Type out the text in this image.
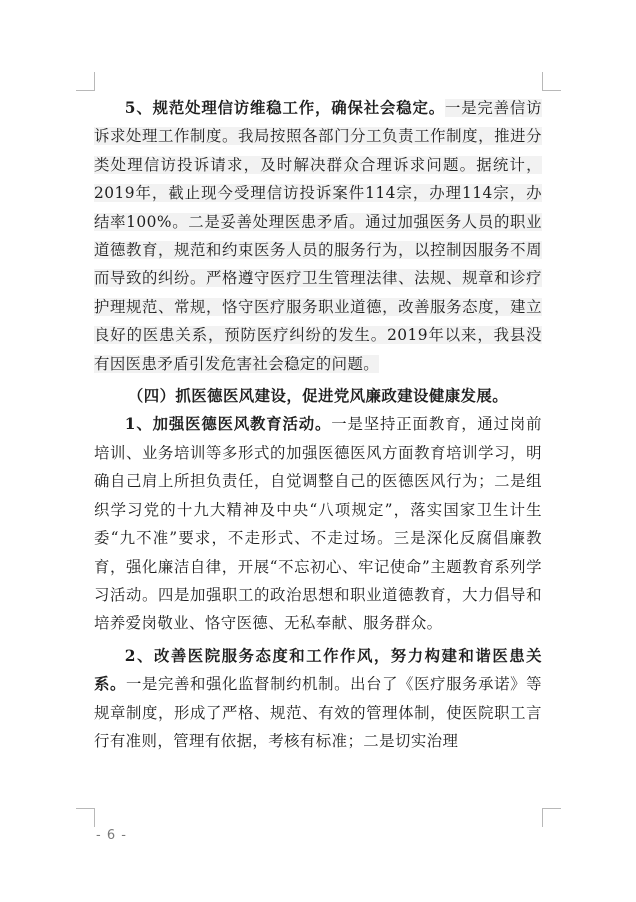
5、规范处理信访维稳工作，确保社会稳定。一是完善信访诉求处理工作制度。我局按照各部门分工负责工作制度，推进分类处理信访投诉请求，及时解决群众合理诉求问题。据统计，2019年，截止现今受理信访投诉案件114宗，办理114宗，办结率100%。二是妥善处理医患矛盾。通过加强医务人员的职业道德教育，规范和约束医务人员的服务行为，以控制因服务不周而导致的纠纷。严格遵守医疗卫生管理法律、法规、规章和诊疗护理规范、常规，恪守医疗服务职业道德，改善服务态度，建立良好的医患关系，预防医疗纠纷的发生。2019年以来，我县没有因医患矛盾引发危害社会稳定的问题。

（四）抓医德医风建设，促进党风廉政建设健康发展。

1、加强医德医风教育活动。一是坚持正面教育，通过岗前培训、业务培训等多形式的加强医德医风方面教育培训学习，明确自己肩上所担负责任，自觉调整自己的医德医风行为；二是组织学习党的十九大精神及中央“八项规定”，落实国家卫生计生委“九不准”要求，不走形式、不走过场。三是深化反腐倡廉教育，强化廉洁自律，开展“不忘初心、牢记使命”主题教育系列学习活动。四是加强职工的政治思想和职业道德教育，大力倡导和培养爱岗敬业、恪守医德、无私奉献、服务群众。

2、改善医院服务态度和工作作风，努力构建和谐医患关系。一是完善和强化监督制约机制。出台了《医疗服务承诺》等规章制度，形成了严格、规范、有效的管理体制，使医院职工言行有准则，管理有依据，考核有标准；二是切实治理

- 6 -
